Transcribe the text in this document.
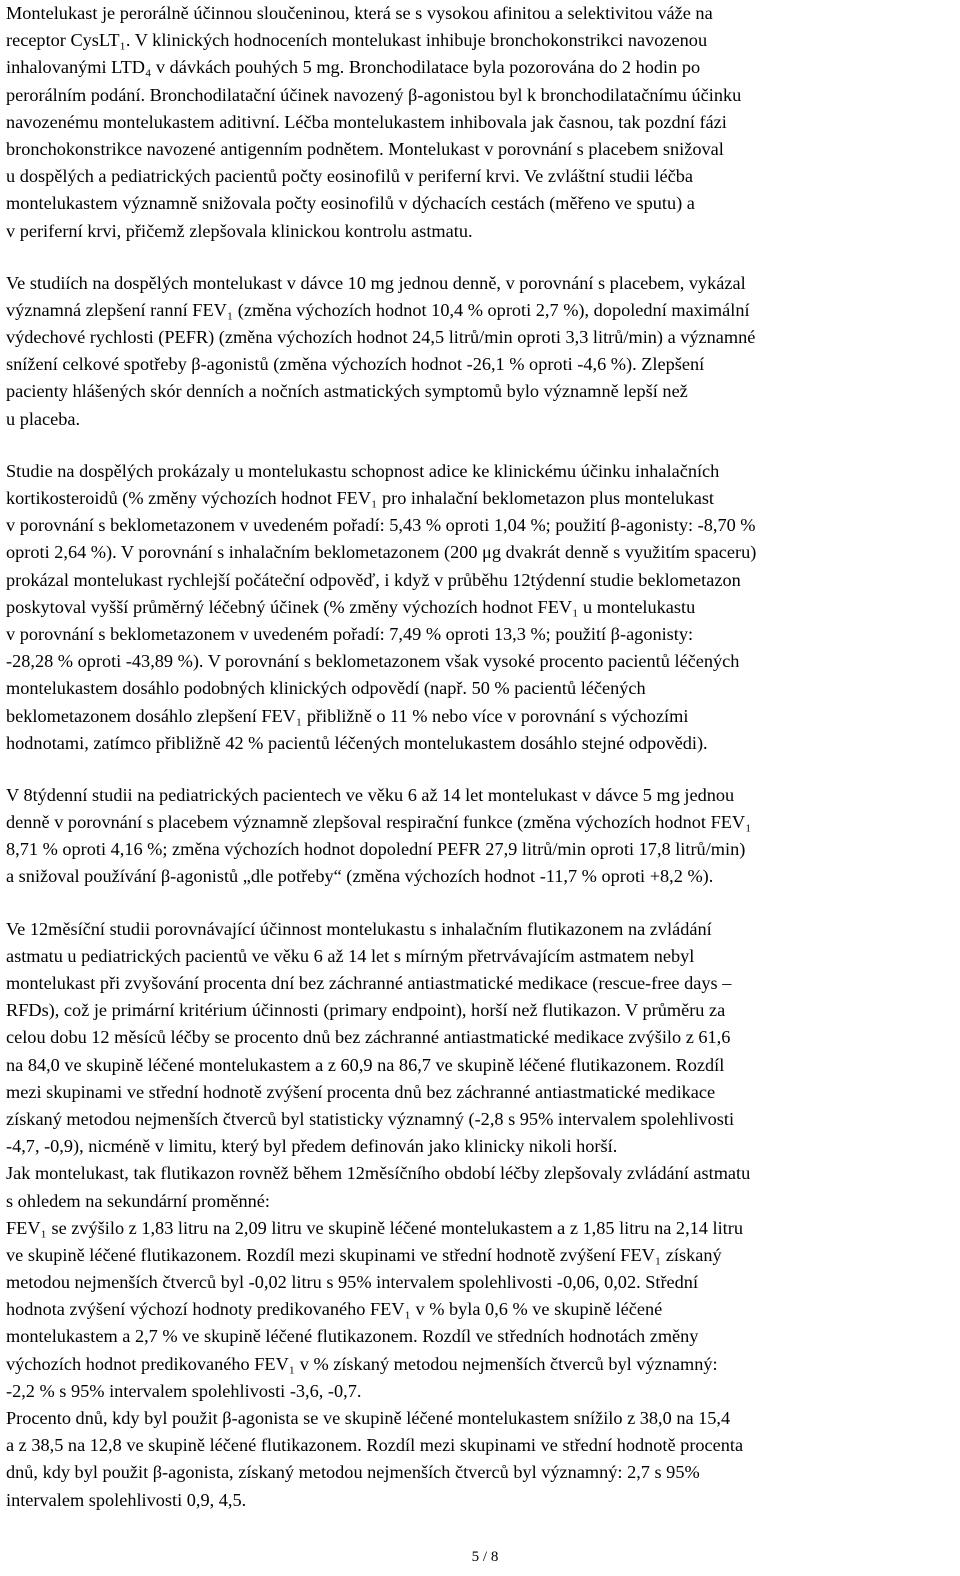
Montelukast je perorálně účinnou sloučeninou, která se s vysokou afinitou a selektivitou váže na
receptor CysLT₁. V klinických hodnoceních montelukast inhibuje bronchokonstrikci navozenou
inhalovanými LTD₄ v dávkách pouhých 5 mg. Bronchodilatace byla pozorována do 2 hodin po
perorálním podání. Bronchodilatační účinek navozený β-agonistou byl k bronchodilatačnímu účinku
navozenému montelukastem aditivní. Léčba montelukastem inhibovala jak časnou, tak pozdní fázi
bronchokonstrikce navozené antigenním podnětem. Montelukast v porovnání s placebem snižoval
u dospělých a pediatrických pacientů počty eosinofilů v periferní krvi. Ve zvláštní studii léčba
montelukastem významně snižovala počty eosinofilů v dýchacích cestách (měřeno ve sputu) a
v periferní krvi, přičemž zlepšovala klinickou kontrolu astmatu.
Ve studiích na dospělých montelukast v dávce 10 mg jednou denně, v porovnání s placebem, vykázal
významná zlepšení ranní FEV₁ (změna výchozích hodnot 10,4 % oproti 2,7 %), dopolední maximální
výdechové rychlosti (PEFR) (změna výchozích hodnot 24,5 litrů/min oproti 3,3 litrů/min) a významné
snížení celkové spotřeby β-agonistů (změna výchozích hodnot -26,1 % oproti -4,6 %). Zlepšení
pacienty hlášených skór denních a nočních astmatických symptomů bylo významně lepší než
u placeba.
Studie na dospělých prokázaly u montelukastu schopnost adice ke klinickému účinku inhalačních
kortikosteroidů (% změny výchozích hodnot FEV₁ pro inhalační beklometazon plus montelukast
v porovnání s beklometazonem v uvedeném pořadí: 5,43 % oproti 1,04 %; použití β-agonisty: -8,70 %
oproti 2,64 %). V porovnání s inhalačním beklometazonem (200 μg dvakrát denně s využitím spaceru)
prokázal montelukast rychlejší počáteční odpověď, i když v průběhu 12týdenní studie beklometazon
poskytoval vyšší průměrný léčebný účinek (% změny výchozích hodnot FEV₁ u montelukastu
v porovnání s beklometazonem v uvedeném pořadí: 7,49 % oproti 13,3 %; použití β-agonisty:
-28,28 % oproti -43,89 %). V porovnání s beklometazonem však vysoké procento pacientů léčených
montelukastem dosáhlo podobných klinických odpovědí (např. 50 % pacientů léčených
beklometazonem dosáhlo zlepšení FEV₁ přibližně o 11 % nebo více v porovnání s výchozími
hodnotami, zatímco přibližně 42 % pacientů léčených montelukastem dosáhlo stejné odpovědi).
V 8týdenní studii na pediatrických pacientech ve věku 6 až 14 let montelukast v dávce 5 mg jednou
denně v porovnání s placebem významně zlepšoval respirační funkce (změna výchozích hodnot FEV₁
8,71 % oproti 4,16 %; změna výchozích hodnot dopolední PEFR 27,9 litrů/min oproti 17,8 litrů/min)
a snižoval používání β-agonistů „dle potřeby“ (změna výchozích hodnot -11,7 % oproti +8,2 %).
Ve 12měsíční studii porovnávající účinnost montelukastu s inhalačním flutikazonem na zvládání
astmatu u pediatrických pacientů ve věku 6 až 14 let s mírným přetrvávajícím astmatem nebyl
montelukast při zvyšování procenta dní bez záchranné antiastmatické medikace (rescue-free days –
RFDs), což je primární kritérium účinnosti (primary endpoint), horší než flutikazon. V průměru za
celou dobu 12 měsíců léčby se procento dnů bez záchranné antiastmatické medikace zvýšilo z 61,6
na 84,0 ve skupině léčené montelukastem a z 60,9 na 86,7 ve skupině léčené flutikazonem. Rozdíl
mezi skupinami ve střední hodnotě zvýšení procenta dnů bez záchranné antiastmatické medikace
získaný metodou nejmenších čtverců byl statisticky významný (-2,8 s 95% intervalem spolehlivosti
-4,7, -0,9), nicméně v limitu, který byl předem definován jako klinicky nikoli horší.
Jak montelukast, tak flutikazon rovněž během 12měsíčního období léčby zlepšovaly zvládání astmatu
s ohledem na sekundární proměnné:
FEV₁ se zvýšilo z 1,83 litru na 2,09 litru ve skupině léčené montelukastem a z 1,85 litru na 2,14 litru
ve skupině léčené flutikazonem. Rozdíl mezi skupinami ve střední hodnotě zvýšení FEV₁ získaný
metodou nejmenších čtverců byl -0,02 litru s 95% intervalem spolehlivosti -0,06, 0,02. Střední
hodnota zvýšení výchozí hodnoty predikovaného FEV₁ v % byla 0,6 % ve skupině léčené
montelukastem a 2,7 % ve skupině léčené flutikazonem. Rozdíl ve středních hodnotách změny
výchozích hodnot predikovaného FEV₁ v % získaný metodou nejmenších čtverců byl významný:
-2,2 % s 95% intervalem spolehlivosti -3,6, -0,7.
Procento dnů, kdy byl použit β-agonista se ve skupině léčené montelukastem snížilo z 38,0 na 15,4
a z 38,5 na 12,8 ve skupině léčené flutikazonem. Rozdíl mezi skupinami ve střední hodnotě procenta
dnů, kdy byl použit β-agonista, získaný metodou nejmenších čtverců byl významný: 2,7 s 95%
intervalem spolehlivosti 0,9, 4,5.
5 / 8
